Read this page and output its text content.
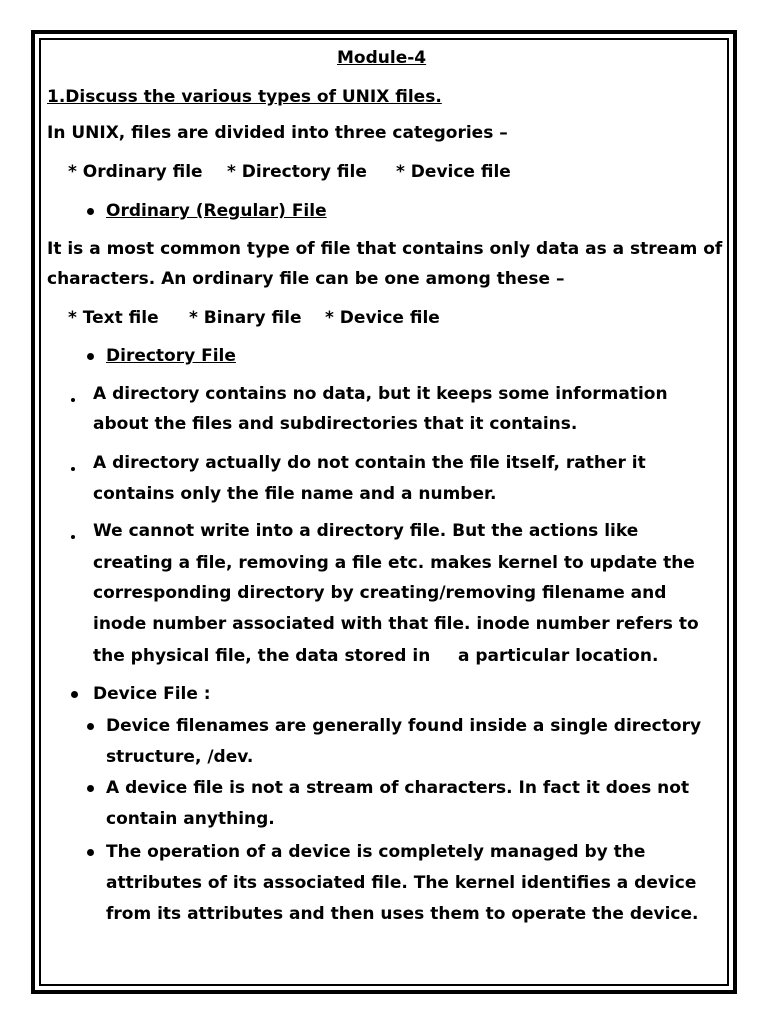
Module-4
1.Discuss the various types of UNIX files.
In UNIX, files are divided into three categories –
* Ordinary file * Directory file * Device file
Ordinary (Regular) File
It is a most common type of file that contains only data as a stream of
characters. An ordinary file can be one among these –
* Text file * Binary file * Device file
Directory File
A directory contains no data, but it keeps some information
about the files and subdirectories that it contains.
A directory actually do not contain the file itself, rather it
contains only the file name and a number.
We cannot write into a directory file. But the actions like
creating a file, removing a file etc. makes kernel to update the
corresponding directory by creating/removing filename and
inode number associated with that file. inode number refers to
the physical file, the data stored in a particular location.
Device File :
Device filenames are generally found inside a single directory
structure, /dev.
A device file is not a stream of characters. In fact it does not
contain anything.
The operation of a device is completely managed by the
attributes of its associated file. The kernel identifies a device
from its attributes and then uses them to operate the device.
